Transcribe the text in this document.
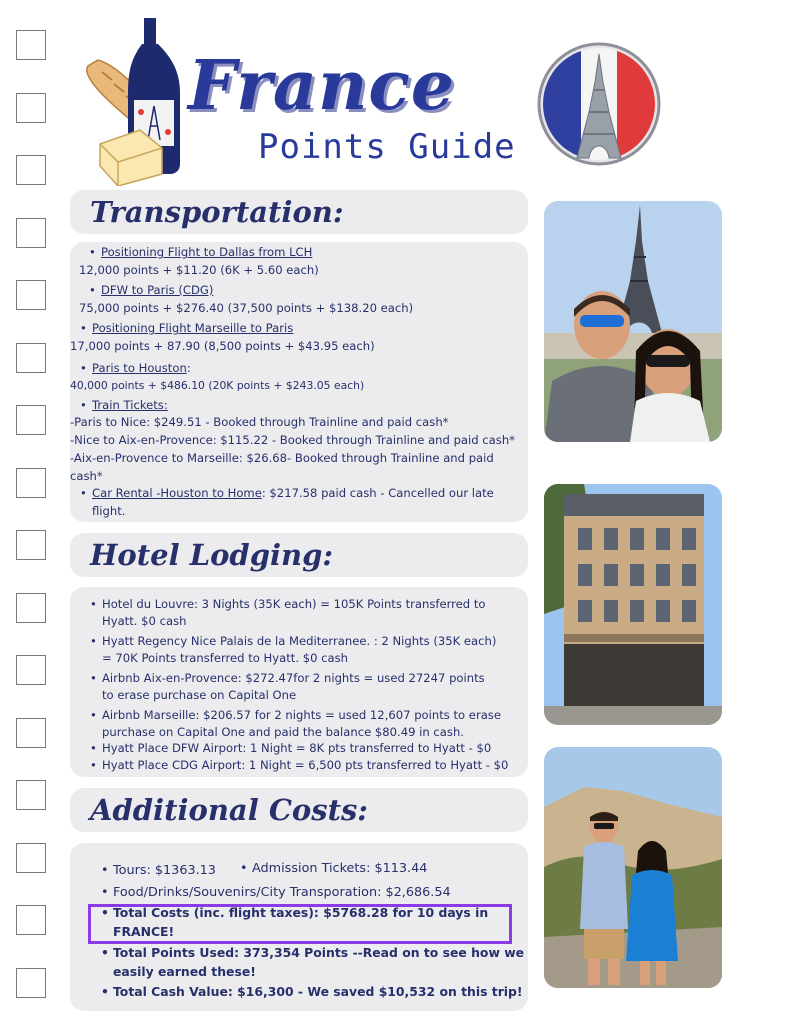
France
Points Guide
Transportation:
• Positioning Flight to Dallas from LCH
12,000 points + $11.20 (6K + 5.60 each)
• DFW to Paris (CDG)
75,000 points + $276.40 (37,500 points + $138.20 each)
• Positioning Flight Marseille to Paris
17,000 points + 87.90 (8,500 points + $43.95 each)
• Paris to Houston:
40,000 points + $486.10 (20K points + $243.05 each)
• Train Tickets:
-Paris to Nice: $249.51 - Booked through Trainline and paid cash*
-Nice to Aix-en-Provence: $115.22 - Booked through Trainline and paid cash*
-Aix-en-Provence to Marseille: $26.68- Booked through Trainline and paid
cash*
• Car Rental -Houston to Home: $217.58 paid cash - Cancelled our late
flight.
Hotel Lodging:
• Hotel du Louvre: 3 Nights (35K each) = 105K Points transferred to
Hyatt. $0 cash
• Hyatt Regency Nice Palais de la Mediterranee. : 2 Nights (35K each)
= 70K Points transferred to Hyatt. $0 cash
• Airbnb Aix-en-Provence: $272.47for 2 nights = used 27247 points
to erase purchase on Capital One
• Airbnb Marseille: $206.57 for 2 nights = used 12,607 points to erase
purchase on Capital One and paid the balance $80.49 in cash.
• Hyatt Place DFW Airport: 1 Night = 8K pts transferred to Hyatt - $0
• Hyatt Place CDG Airport: 1 Night = 6,500 pts transferred to Hyatt - $0
Additional Costs:
• Tours: $1363.13
•	Admission Tickets: $113.44
• Food/Drinks/Souvenirs/City Transporation: $2,686.54
• Total Costs (inc. flight taxes): $5768.28 for 10 days in
FRANCE!
• Total Points Used: 373,354 Points --Read on to see how we
easily earned these!
• Total Cash Value: $16,300 - We saved $10,532 on this trip!
